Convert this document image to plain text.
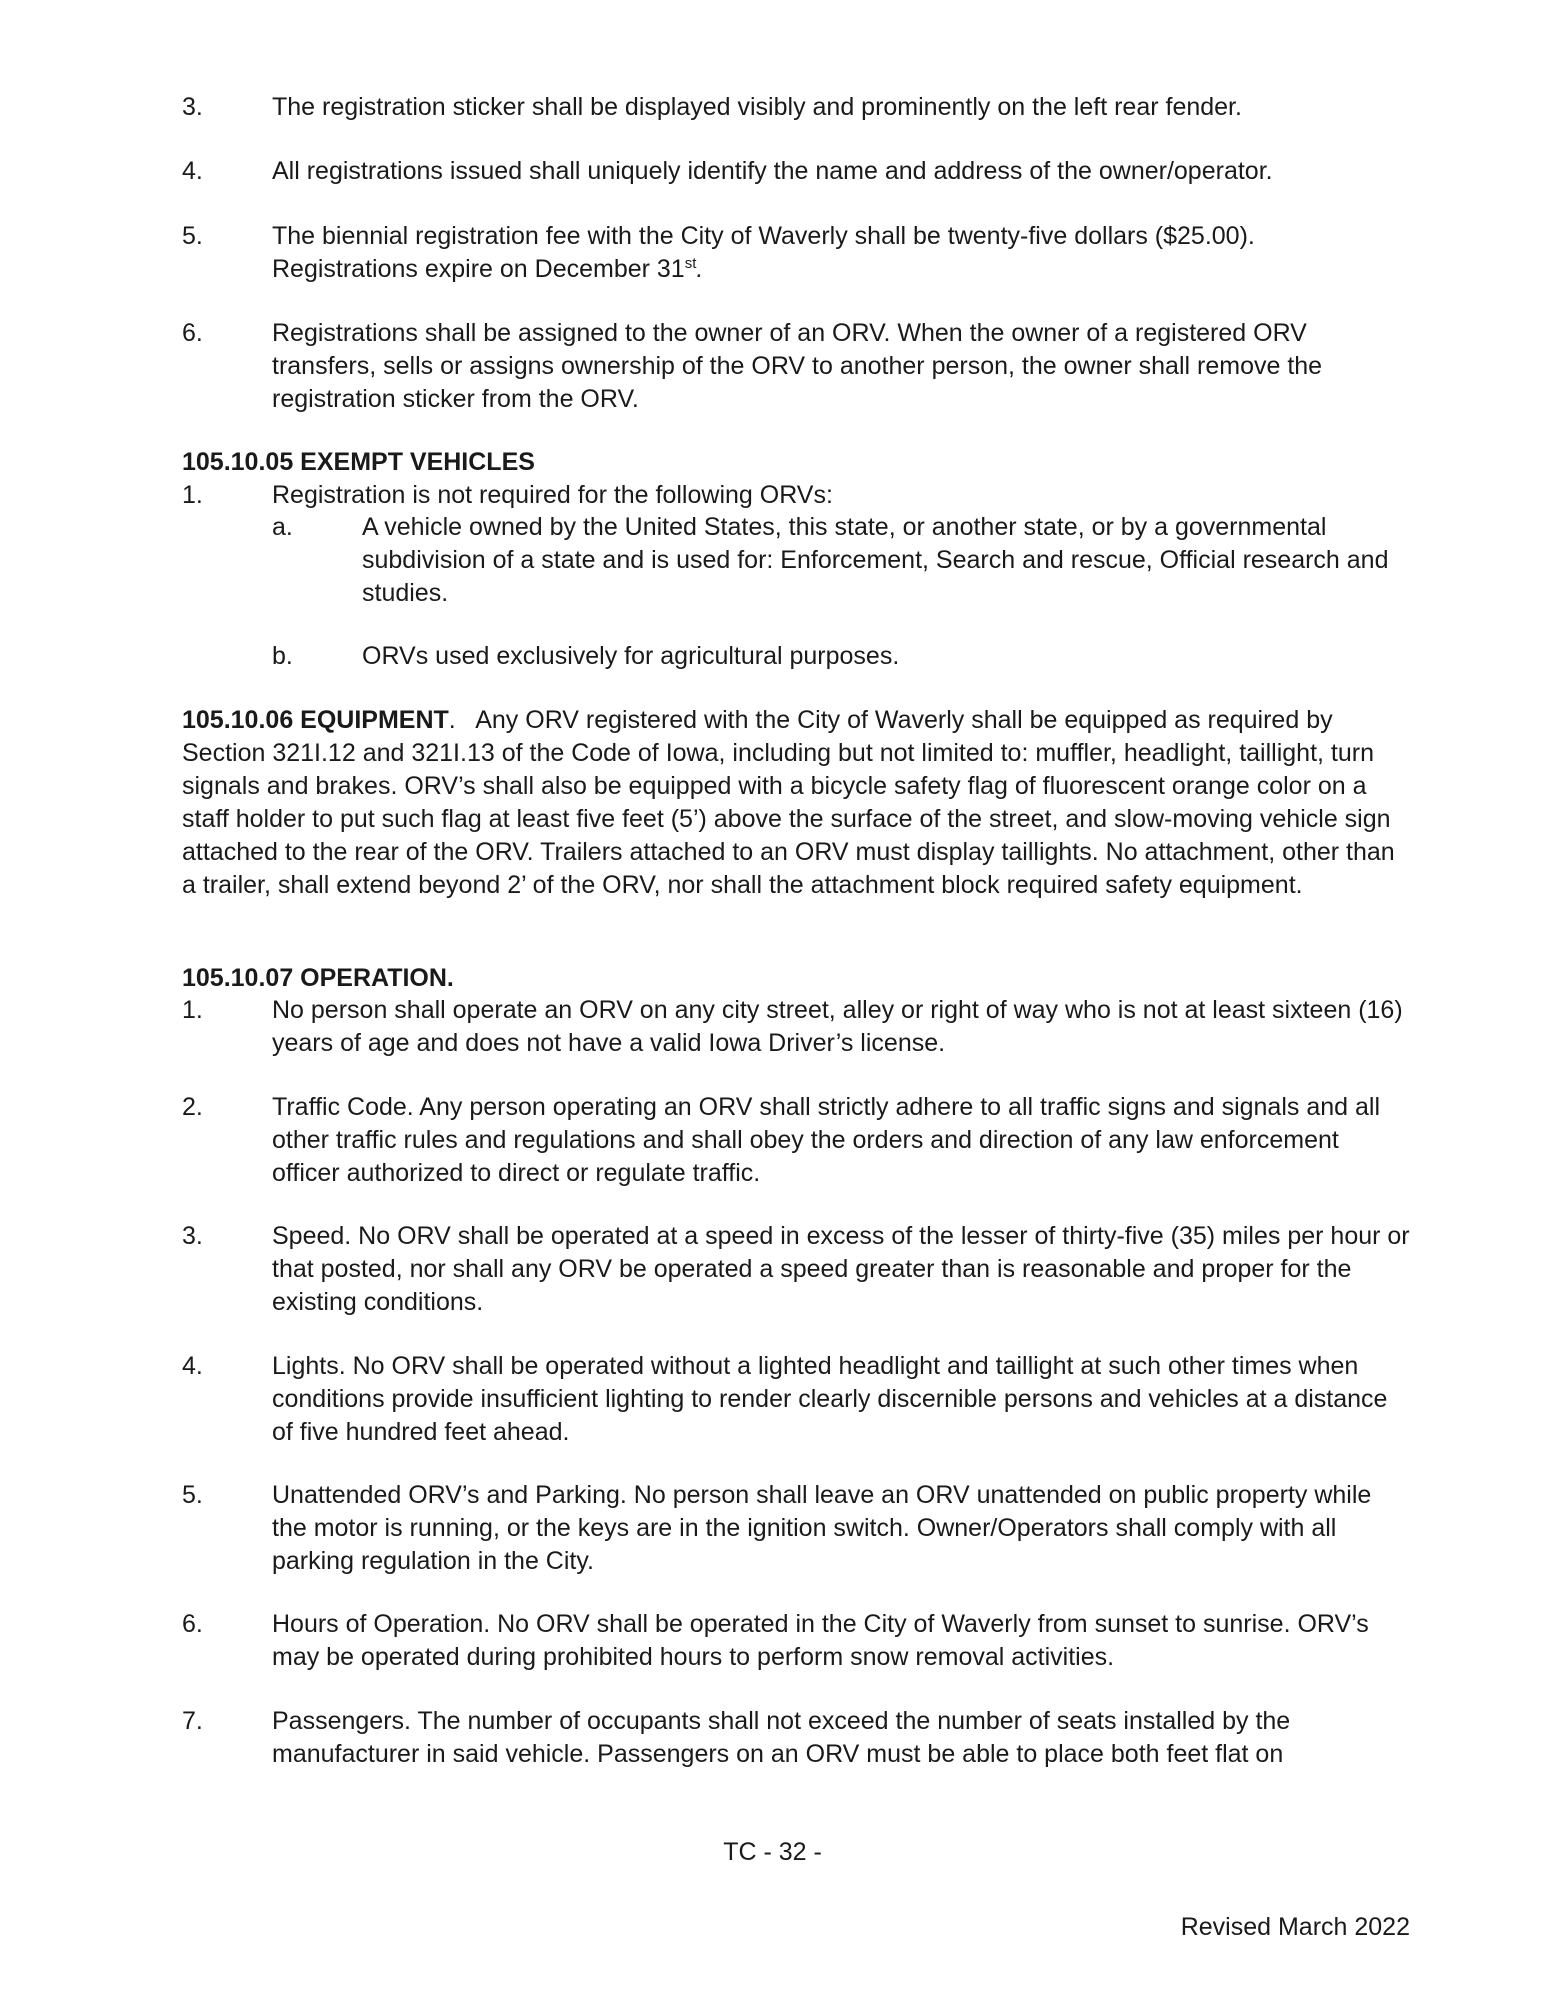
3.	The registration sticker shall be displayed visibly and prominently on the left rear fender.
4.	All registrations issued shall uniquely identify the name and address of the owner/operator.
5.	The biennial registration fee with the City of Waverly shall be twenty-five dollars ($25.00).
Registrations expire on December 31st.
6.	Registrations shall be assigned to the owner of an ORV. When the owner of a registered ORV transfers, sells or assigns ownership of the ORV to another person, the owner shall remove the registration sticker from the ORV.
105.10.05 EXEMPT VEHICLES
1.	Registration is not required for the following ORVs:
a.	A vehicle owned by the United States, this state, or another state, or by a governmental subdivision of a state and is used for: Enforcement, Search and rescue, Official research and studies.
b.	ORVs used exclusively for agricultural purposes.
105.10.06 EQUIPMENT. Any ORV registered with the City of Waverly shall be equipped as required by Section 321I.12 and 321I.13 of the Code of Iowa, including but not limited to: muffler, headlight, taillight, turn signals and brakes. ORV’s shall also be equipped with a bicycle safety flag of fluorescent orange color on a staff holder to put such flag at least five feet (5’) above the surface of the street, and slow-moving vehicle sign attached to the rear of the ORV. Trailers attached to an ORV must display taillights. No attachment, other than a trailer, shall extend beyond 2’ of the ORV, nor shall the attachment block required safety equipment.
105.10.07 OPERATION.
1.	No person shall operate an ORV on any city street, alley or right of way who is not at least sixteen (16) years of age and does not have a valid Iowa Driver’s license.
2.	Traffic Code. Any person operating an ORV shall strictly adhere to all traffic signs and signals and all other traffic rules and regulations and shall obey the orders and direction of any law enforcement officer authorized to direct or regulate traffic.
3.	Speed. No ORV shall be operated at a speed in excess of the lesser of thirty-five (35) miles per hour or that posted, nor shall any ORV be operated a speed greater than is reasonable and proper for the existing conditions.
4.	Lights. No ORV shall be operated without a lighted headlight and taillight at such other times when conditions provide insufficient lighting to render clearly discernible persons and vehicles at a distance of five hundred feet ahead.
5.	Unattended ORV’s and Parking. No person shall leave an ORV unattended on public property while the motor is running, or the keys are in the ignition switch. Owner/Operators shall comply with all parking regulation in the City.
6.	Hours of Operation. No ORV shall be operated in the City of Waverly from sunset to sunrise. ORV’s may be operated during prohibited hours to perform snow removal activities.
7.	Passengers. The number of occupants shall not exceed the number of seats installed by the manufacturer in said vehicle. Passengers on an ORV must be able to place both feet flat on
TC - 32 -
Revised March 2022
